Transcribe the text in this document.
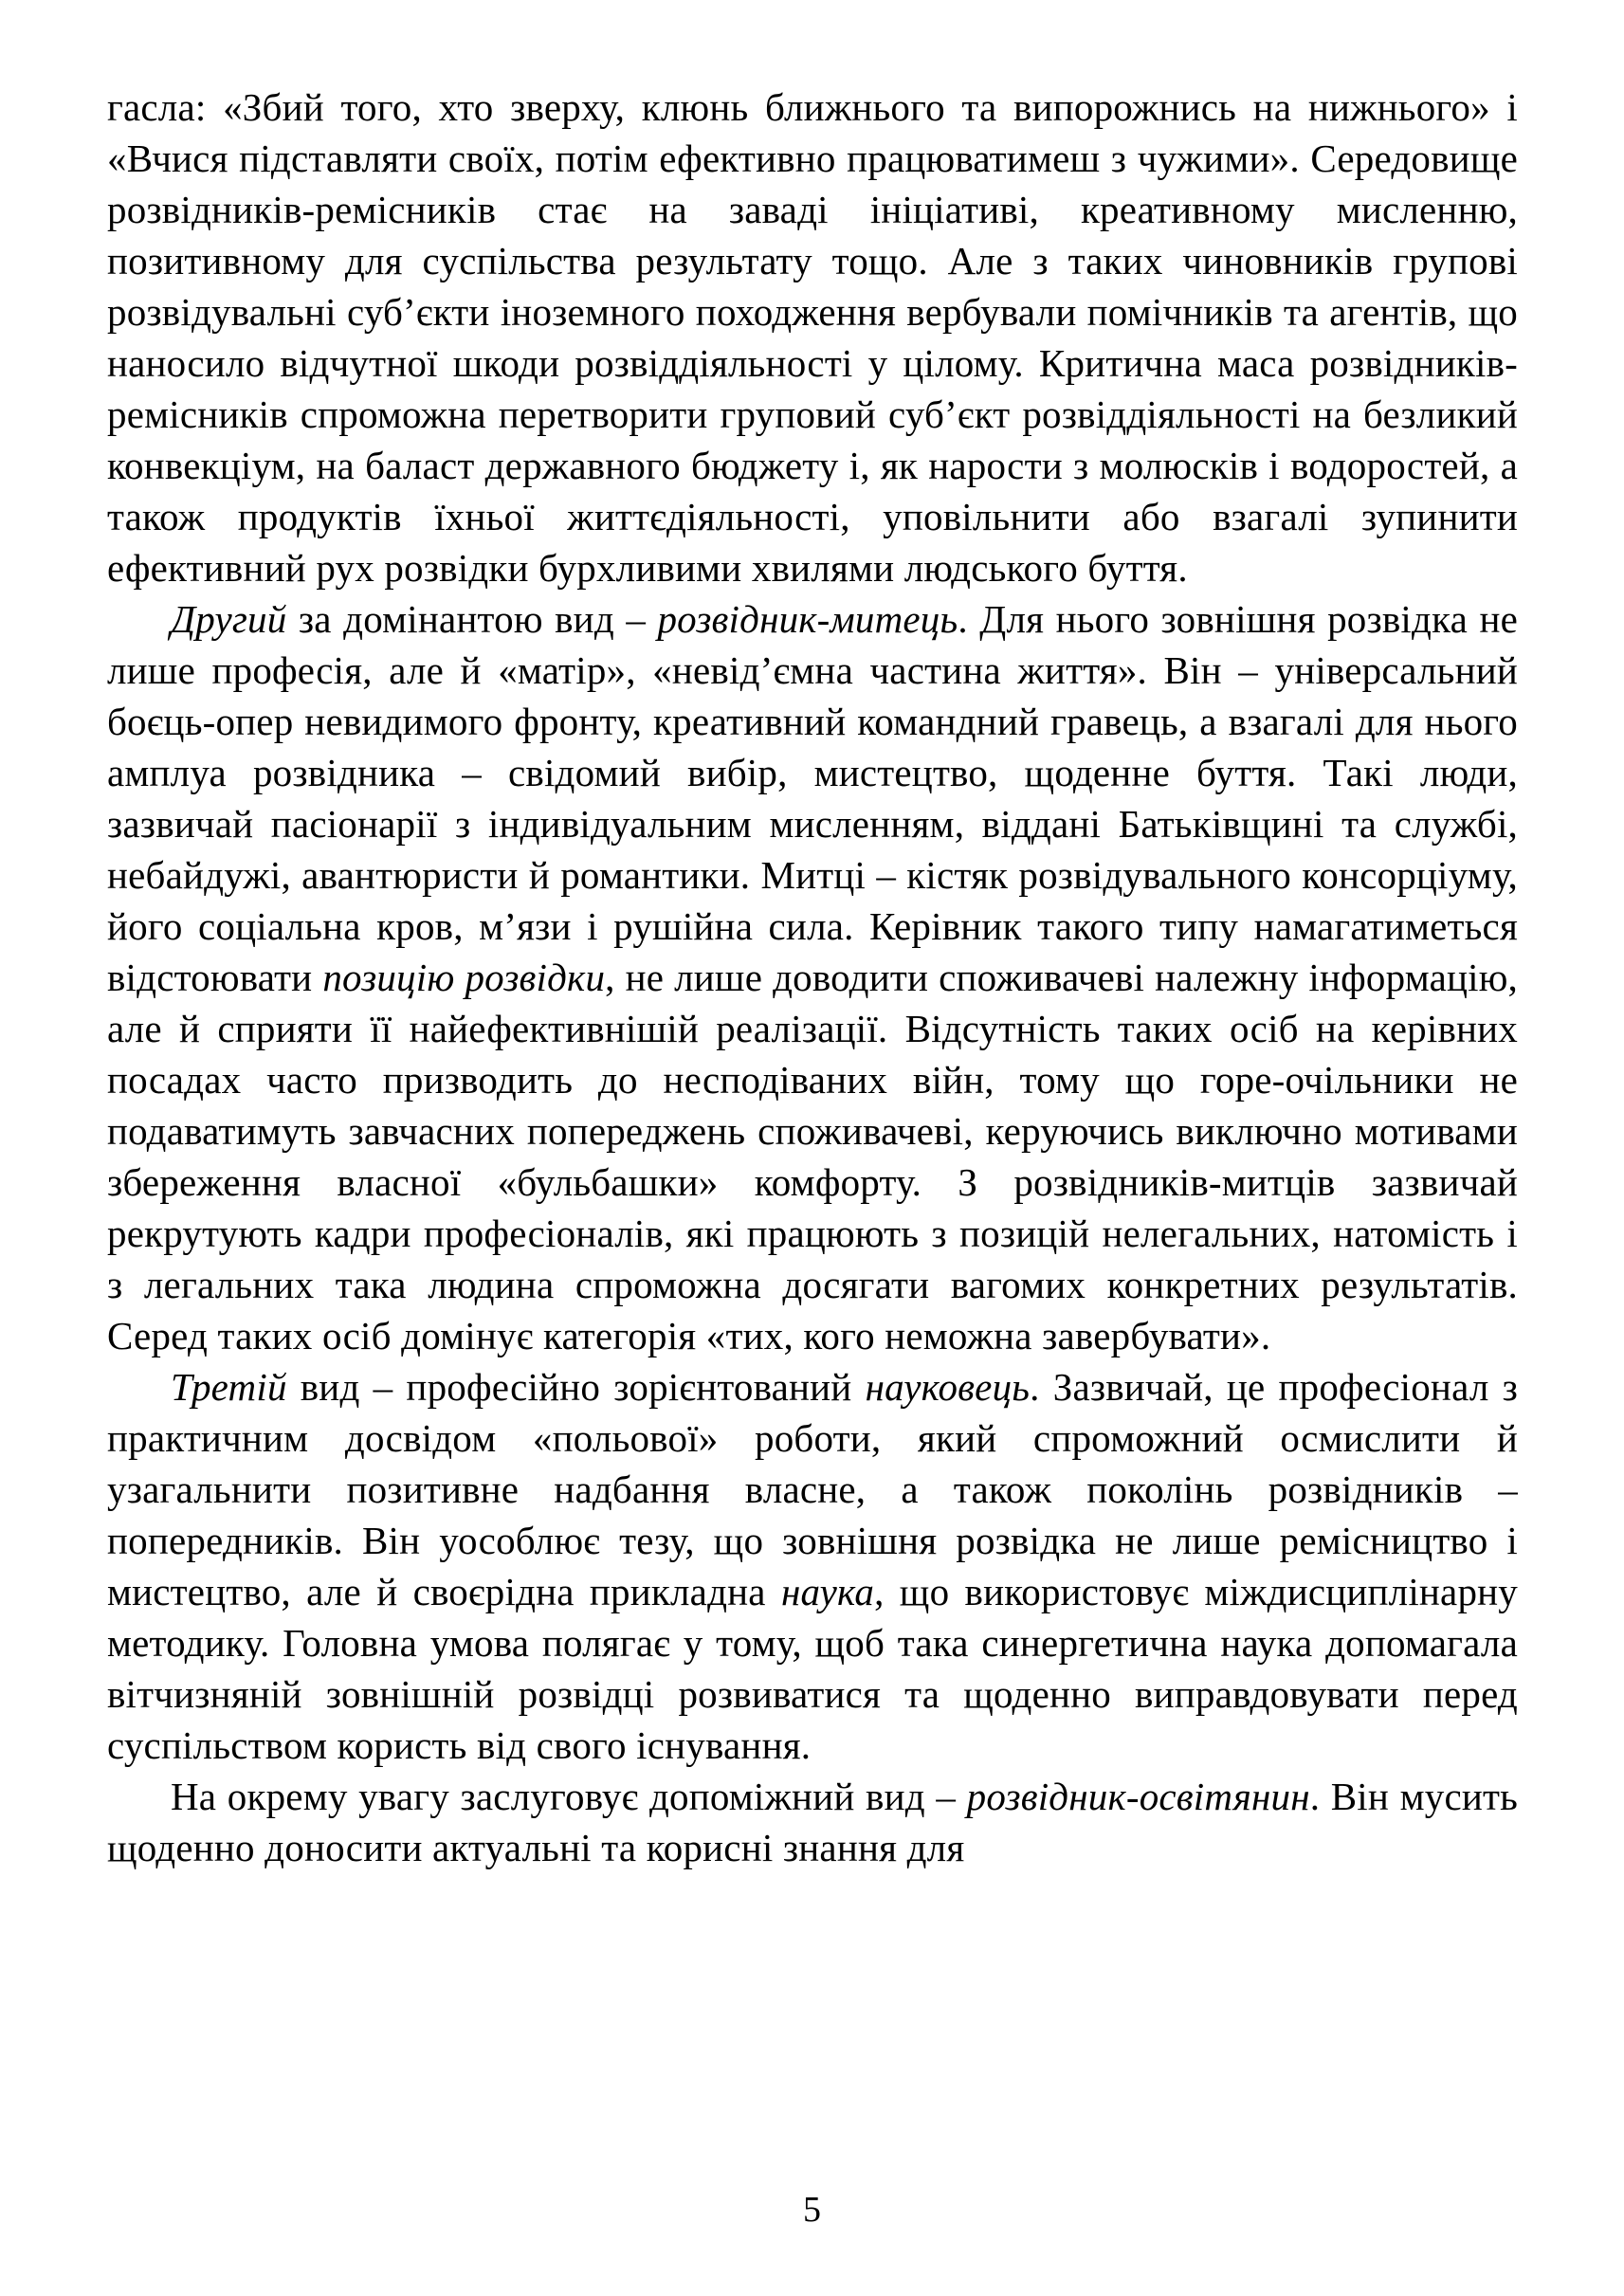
гасла: «Збий того, хто зверху, клюнь ближнього та випорожнись на нижнього» і «Вчися підставляти своїх, потім ефективно працюватимеш з чужими». Середовище розвідників-ремісників стає на заваді ініціативі, креативному мисленню, позитивному для суспільства результату тощо. Але з таких чиновників групові розвідувальні суб’єкти іноземного походження вербували помічників та агентів, що наносило відчутної шкоди розвіддіяльності у цілому. Критична маса розвідників-ремісників спроможна перетворити груповий суб’єкт розвіддіяльності на безликий конвекціум, на баласт державного бюджету і, як нарости з молюсків і водоростей, а також продуктів їхньої життєдіяльності, уповільнити або взагалі зупинити ефективний рух розвідки бурхливими хвилями людського буття.

Другий за домінантою вид – розвідник-митець. Для нього зовнішня розвідка не лише професія, але й «матір», «невід’ємна частина життя». Він – універсальний боєць-опер невидимого фронту, креативний командний гравець, а взагалі для нього амплуа розвідника – свідомий вибір, мистецтво, щоденне буття. Такі люди, зазвичай пасіонарії з індивідуальним мисленням, віддані Батьківщині та службі, небайдужі, авантюристи й романтики. Митці – кістяк розвідувального консорціуму, його соціальна кров, м’язи і рушійна сила. Керівник такого типу намагатиметься відстоювати позицію розвідки, не лише доводити споживачеві належну інформацію, але й сприяти її найефективнішій реалізації. Відсутність таких осіб на керівних посадах часто призводить до несподіваних війн, тому що горе-очільники не подаватимуть завчасних попереджень споживачеві, керуючись виключно мотивами збереження власної «бульбашки» комфорту. З розвідників-митців зазвичай рекрутують кадри професіоналів, які працюють з позицій нелегальних, натомість і з легальних така людина спроможна досягати вагомих конкретних результатів. Серед таких осіб домінує категорія «тих, кого неможна завербувати».

Третій вид – професійно зорієнтований науковець. Зазвичай, це професіонал з практичним досвідом «польової» роботи, який спроможний осмислити й узагальнити позитивне надбання власне, а також поколінь розвідників – попередників. Він уособлює тезу, що зовнішня розвідка не лише ремісництво і мистецтво, але й своєрідна прикладна наука, що використовує міждисциплінарну методику. Головна умова полягає у тому, щоб така синергетична наука допомагала вітчизняній зовнішній розвідці розвиватися та щоденно виправдовувати перед суспільством користь від свого існування.

На окрему увагу заслуговує допоміжний вид – розвідник-освітянин. Він мусить щоденно доносити актуальні та корисні знання для

5
